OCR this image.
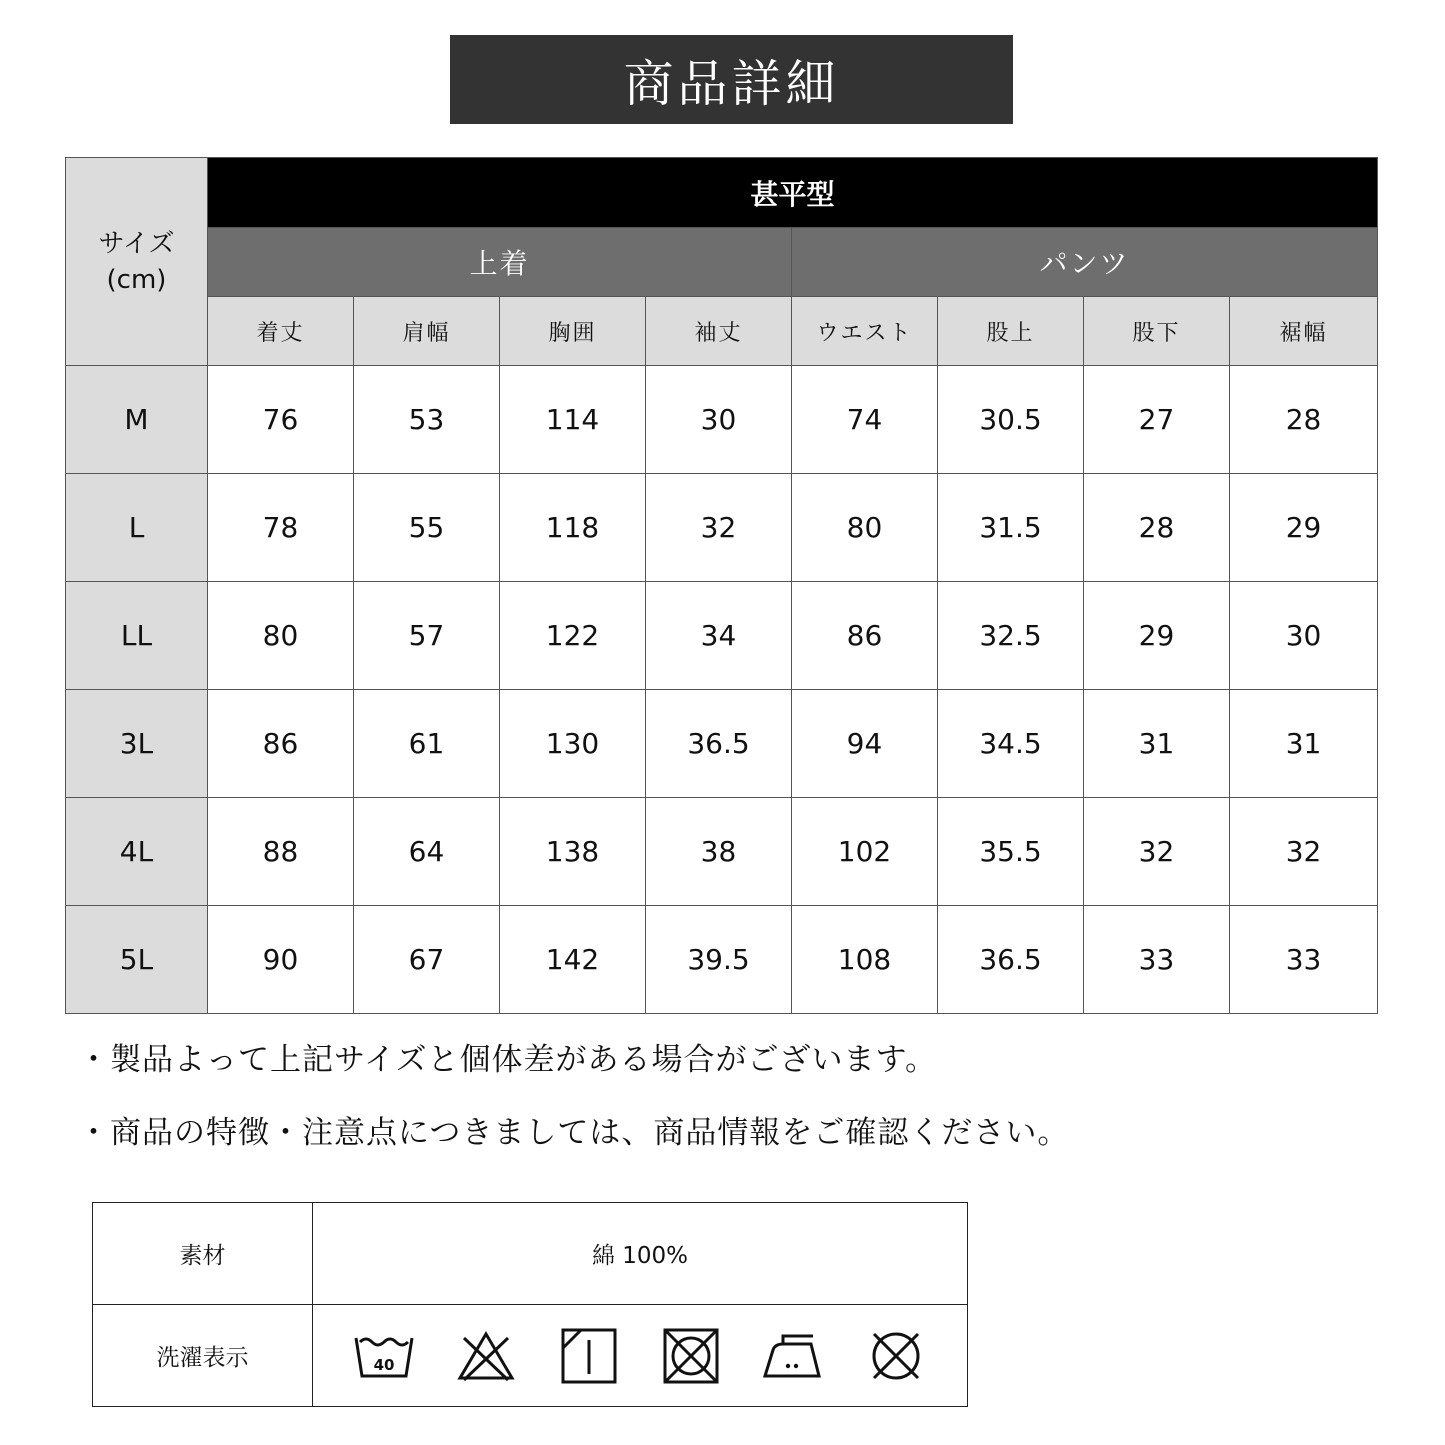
商品詳細
サイズ
(cm)	甚平型							
	上着				パンツ			
	着丈	肩幅	胸囲	袖丈	ウエスト	股上	股下	裾幅
M	76	53	114	30	74	30.5	27	28
L	78	55	118	32	80	31.5	28	29
LL	80	57	122	34	86	32.5	29	30
3L	86	61	130	36.5	94	34.5	31	31
4L	88	64	138	38	102	35.5	32	32
5L	90	67	142	39.5	108	36.5	33	33
・製品よって上記サイズと個体差がある場合がございます。
・商品の特徴・注意点につきましては、商品情報をご確認ください。
素材	綿 100%
洗濯表示	40
